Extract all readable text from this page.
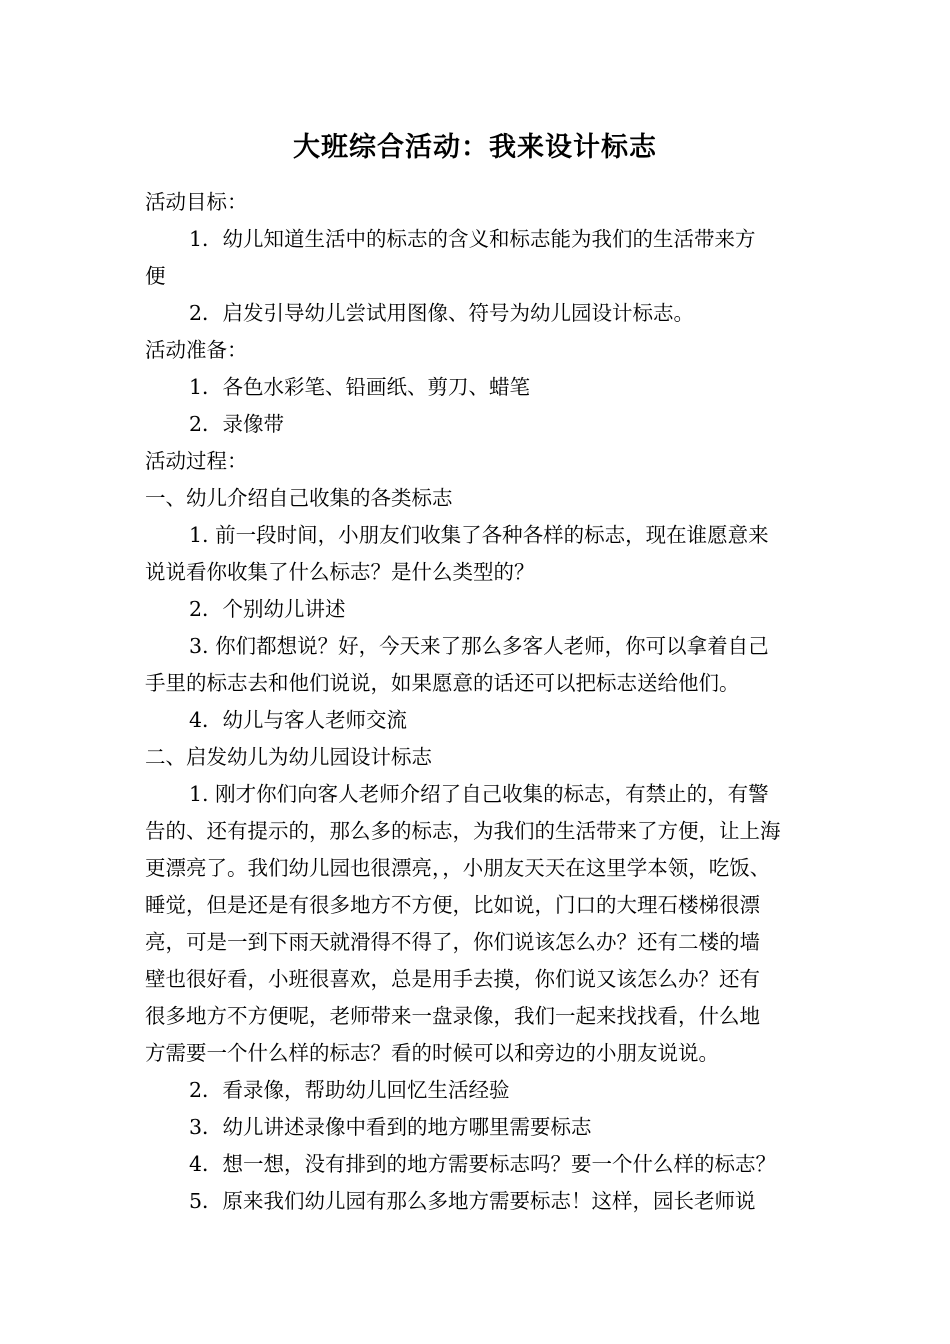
大班综合活动：我来设计标志
活动目标：
1．幼儿知道生活中的标志的含义和标志能为我们的生活带来方
便
2．启发引导幼儿尝试用图像、符号为幼儿园设计标志。
活动准备：
1．各色水彩笔、铅画纸、剪刀、蜡笔
2．录像带
活动过程：
一、幼儿介绍自己收集的各类标志
1. 前一段时间，小朋友们收集了各种各样的标志，现在谁愿意来
说说看你收集了什么标志？是什么类型的？
2．个别幼儿讲述
3. 你们都想说？好，今天来了那么多客人老师，你可以拿着自己
手里的标志去和他们说说，如果愿意的话还可以把标志送给他们。
4．幼儿与客人老师交流
二、启发幼儿为幼儿园设计标志
1. 刚才你们向客人老师介绍了自己收集的标志，有禁止的，有警
告的、还有提示的，那么多的标志，为我们的生活带来了方便，让上海
更漂亮了。我们幼儿园也很漂亮，，小朋友天天在这里学本领，吃饭、
睡觉，但是还是有很多地方不方便，比如说，门口的大理石楼梯很漂
亮，可是一到下雨天就滑得不得了，你们说该怎么办？还有二楼的墙
壁也很好看，小班很喜欢，总是用手去摸，你们说又该怎么办？还有
很多地方不方便呢，老师带来一盘录像，我们一起来找找看，什么地
方需要一个什么样的标志？看的时候可以和旁边的小朋友说说。
2．看录像，帮助幼儿回忆生活经验
3．幼儿讲述录像中看到的地方哪里需要标志
4．想一想，没有排到的地方需要标志吗？要一个什么样的标志？
5．原来我们幼儿园有那么多地方需要标志！这样，园长老师说
